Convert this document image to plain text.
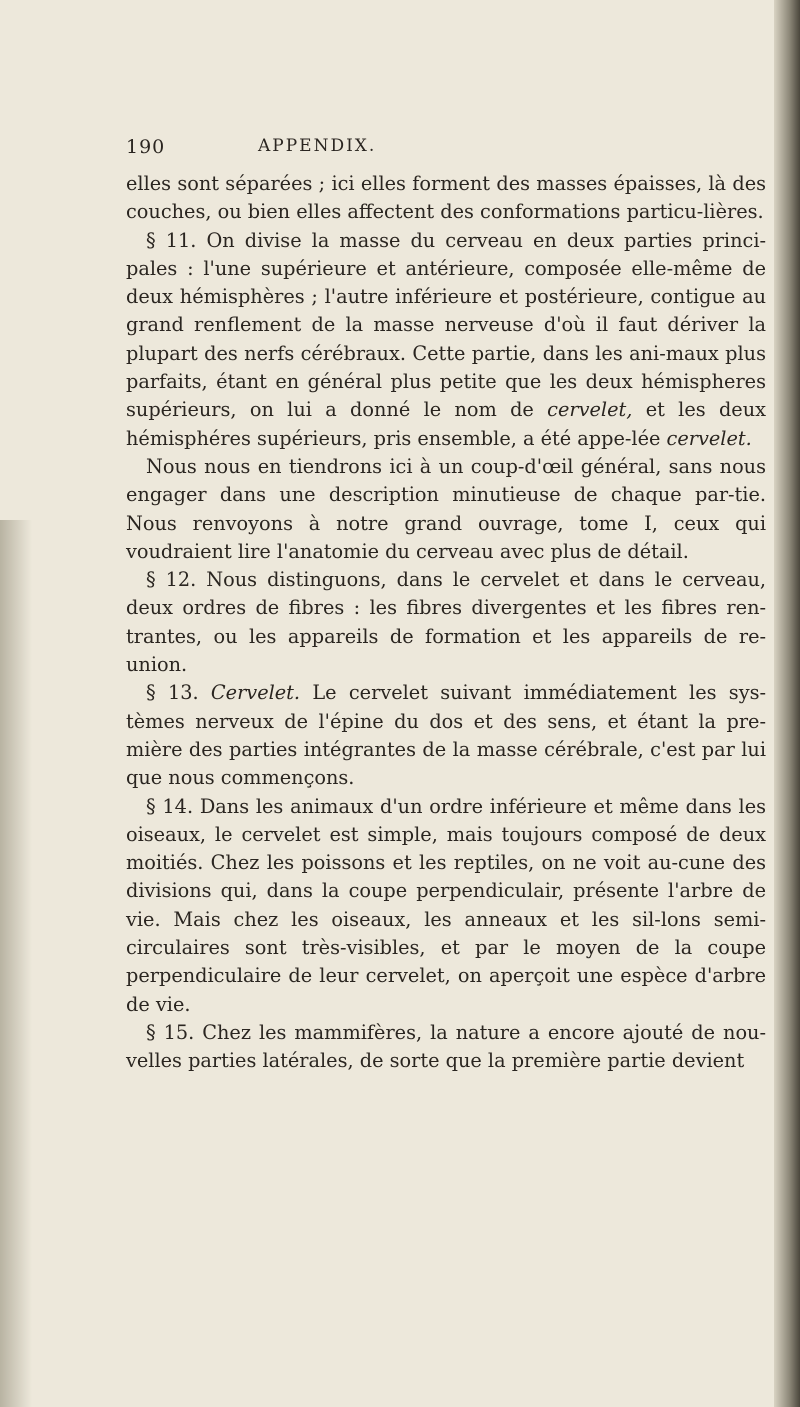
190	APPENDIX.

elles sont séparées ; ici elles forment des masses épaisses, là des couches, ou bien elles affectent des conformations particu-lières.

§ 11. On divise la masse du cerveau en deux parties princi-pales : l'une supérieure et antérieure, composée elle-même de deux hémisphères ; l'autre inférieure et postérieure, contigue au grand renflement de la masse nerveuse d'où il faut dériver la plupart des nerfs cérébraux. Cette partie, dans les ani-maux plus parfaits, étant en général plus petite que les deux hémispheres supérieurs, on lui a donné le nom de cervelet, et les deux hémisphéres supérieurs, pris ensemble, a été appe-lée cervelet.

Nous nous en tiendrons ici à un coup-d'œil général, sans nous engager dans une description minutieuse de chaque par-tie. Nous renvoyons à notre grand ouvrage, tome I, ceux qui voudraient lire l'anatomie du cerveau avec plus de détail.

§ 12. Nous distinguons, dans le cervelet et dans le cerveau, deux ordres de fibres : les fibres divergentes et les fibres ren-trantes, ou les appareils de formation et les appareils de re-union.

§ 13. Cervelet. Le cervelet suivant immédiatement les sys-tèmes nerveux de l'épine du dos et des sens, et étant la pre-mière des parties intégrantes de la masse cérébrale, c'est par lui que nous commençons.

§ 14. Dans les animaux d'un ordre inférieure et même dans les oiseaux, le cervelet est simple, mais toujours composé de deux moitiés. Chez les poissons et les reptiles, on ne voit au-cune des divisions qui, dans la coupe perpendiculair, présente l'arbre de vie. Mais chez les oiseaux, les anneaux et les sil-lons semi-circulaires sont très-visibles, et par le moyen de la coupe perpendiculaire de leur cervelet, on aperçoit une espèce d'arbre de vie.

§ 15. Chez les mammifères, la nature a encore ajouté de nou-velles parties latérales, de sorte que la première partie devient
